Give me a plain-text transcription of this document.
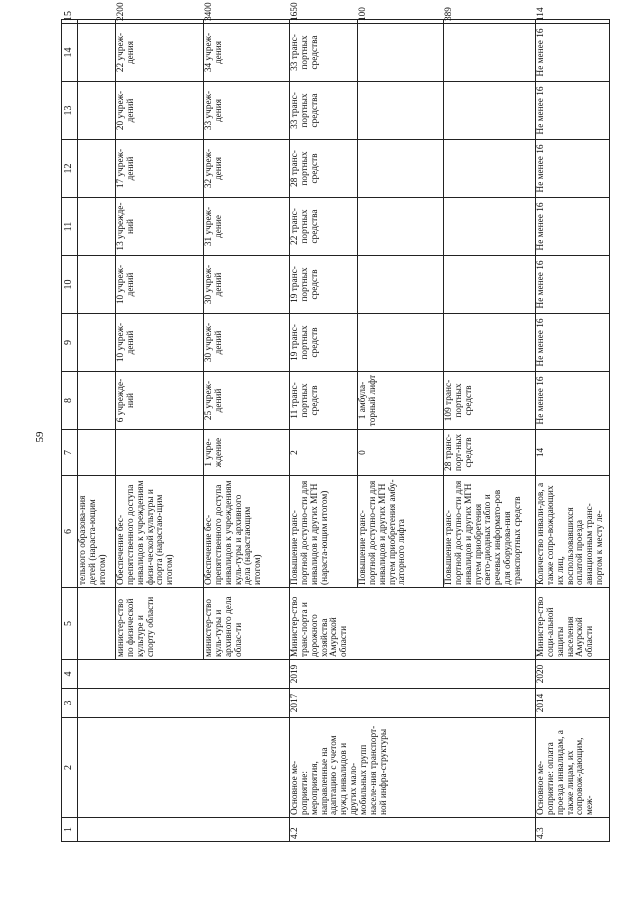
59
1	2	3	4	5	6	7	8	9	10	11	12	13	14	15
					тельного образова-ния детей (нараста-ющим итогом)									
				министер-ство по физической культуре и спорту области	Обеспечение бес-препятственного доступа инвалидов к учреждениям физи-ческой культуры и спорта (нарастаю-щим итогом)		6 учрежде-ний	10 учреж-дений	10 учреж-дений	13 учрежде-ний	17 учреж-дений	20 учреж-дений	22 учреж-дения	2200
				министер-ство куль-туры и архивного дела облас-ти	Обеспечение бес-препятственного доступа инвалидов к учреждениям куль-туры и архивного дела (нарастающим итогом)	1 учре-ждение	25 учреж-дений	30 учреж-дений	30 учреж-дений	31 учреж-дение	32 учреж-дения	33 учреж-дения	34 учреж-дения	3400
4.2	Основное ме-роприятие: мероприятия, направленные на адаптацию с учетом нужд инвалидов и других мало-мобильных групп населе-ния транспорт-ной инфра-структуры	2017	2019	Министер-ство транс-порта и дорожного хозяйства Амурской области	Повышение транс-портной доступно-сти для инвалидов и других МГН (нараста-ющим итогом)	2	11 транс-портных средств	19 транс-портных средств	19 транс-портных средств	22 транс-портных средства	28 транс-портных средств	33 транс-портных средства	33 транс-портных средства	1650
					Повышение транс-портной доступно-сти для инвалидов и других МГН путем приобретения амбу-латорного лифта	0	1 амбула-торный лифт							100
					Повышение транс-портной доступно-сти для инвалидов и других МГН путем приобретения свето-диодных табло и речевых информато-ров для оборудова-ния транспортных средств	28 транс-порт-ных средств	109 транс-портных средств							389
4.3	Основное ме-роприятие: оплата проезда инвалидам, а также лицам, их сопровож-дающим, меж-	2014	2020	Министер-ство соци-альной защиты населения Амурской области	Количество инвали-дов, а также сопро-вождающих их лиц, воспользовавшихся оплатой проезда авиационным транс-портом к месту ле-	14	Не менее 16	Не менее 16	Не менее 16	Не менее 16	Не менее 16	Не менее 16	Не менее 16	114
